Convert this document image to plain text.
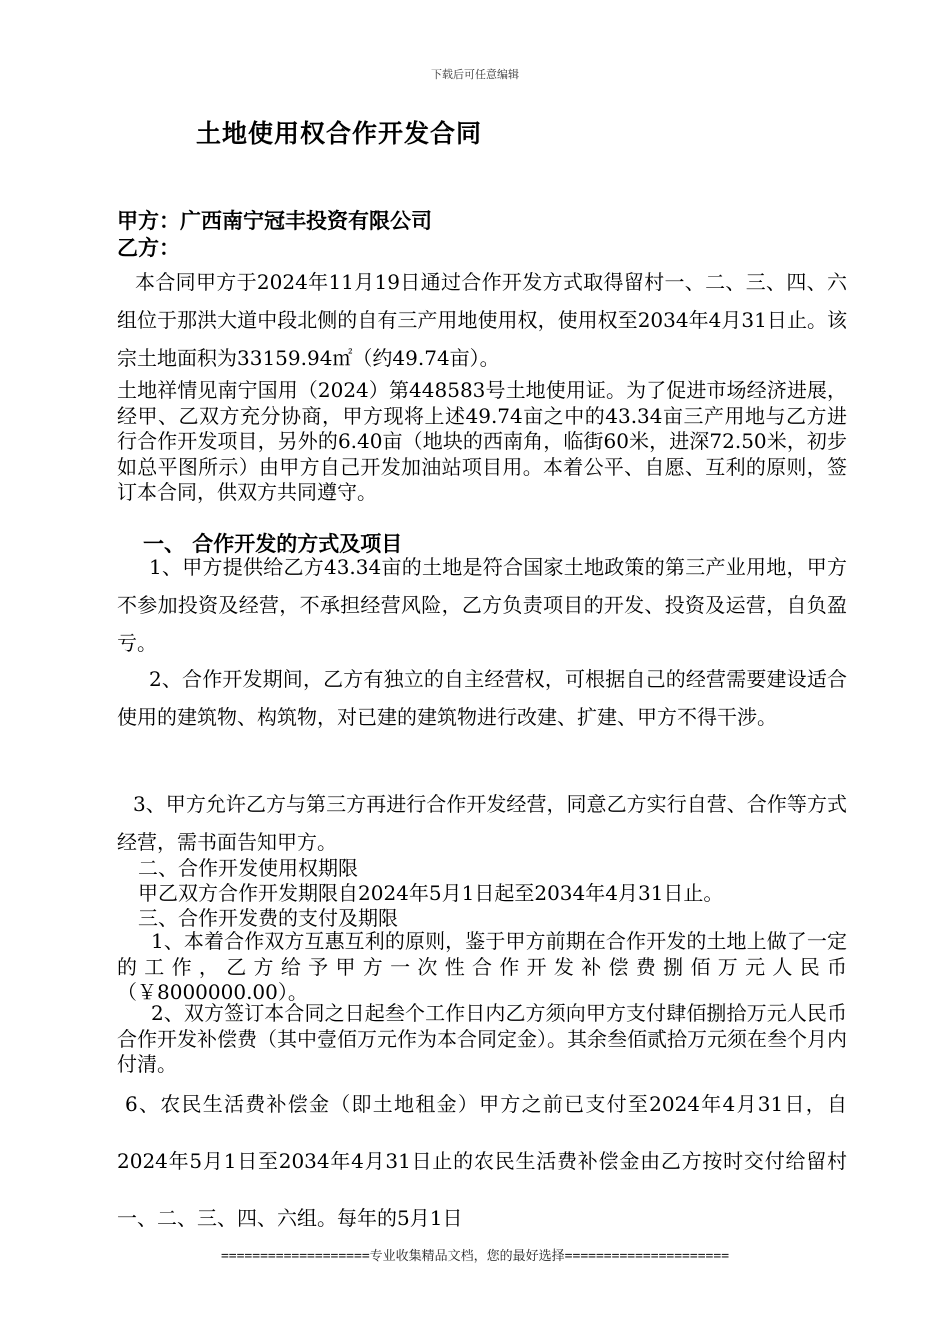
下载后可任意编辑
土地使用权合作开发合同
甲方：广西南宁冠丰投资有限公司
乙方：
本合同甲方于2024年11月19日通过合作开发方式取得留村一、二、三、四、六组位于那洪大道中段北侧的自有三产用地使用权，使用权至2034年4月31日止。该宗土地面积为33159.94㎡（约49.74亩）。
土地祥情见南宁国用（2024）第448583号土地使用证。为了促进市场经济进展，经甲、乙双方充分协商，甲方现将上述49.74亩之中的43.34亩三产用地与乙方进行合作开发项目，另外的6.40亩（地块的西南角，临街60米，进深72.50米，初步如总平图所示）由甲方自己开发加油站项目用。本着公平、自愿、互利的原则，签订本合同，供双方共同遵守。
一、 合作开发的方式及项目
1、甲方提供给乙方43.34亩的土地是符合国家土地政策的第三产业用地，甲方不参加投资及经营，不承担经营风险，乙方负责项目的开发、投资及运营，自负盈亏。
2、合作开发期间，乙方有独立的自主经营权，可根据自己的经营需要建设适合使用的建筑物、构筑物，对已建的建筑物进行改建、扩建、甲方不得干涉。
3、甲方允许乙方与第三方再进行合作开发经营，同意乙方实行自营、合作等方式经营，需书面告知甲方。
二、合作开发使用权期限
甲乙双方合作开发期限自2024年5月1日起至2034年4月31日止。
三、合作开发费的支付及期限
1、本着合作双方互惠互利的原则，鉴于甲方前期在合作开发的土地上做了一定的工作，乙方给予甲方一次性合作开发补偿费捌佰万元人民币（￥8000000.00）。
2、双方签订本合同之日起叁个工作日内乙方须向甲方支付肆佰捌拾万元人民币合作开发补偿费（其中壹佰万元作为本合同定金）。其余叁佰贰拾万元须在叁个月内付清。
6、农民生活费补偿金（即土地租金）甲方之前已支付至2024年4月31日，自2024年5月1日至2034年4月31日止的农民生活费补偿金由乙方按时交付给留村一、二、三、四、六组。每年的5月1日
===================专业收集精品文档，您的最好选择=====================
